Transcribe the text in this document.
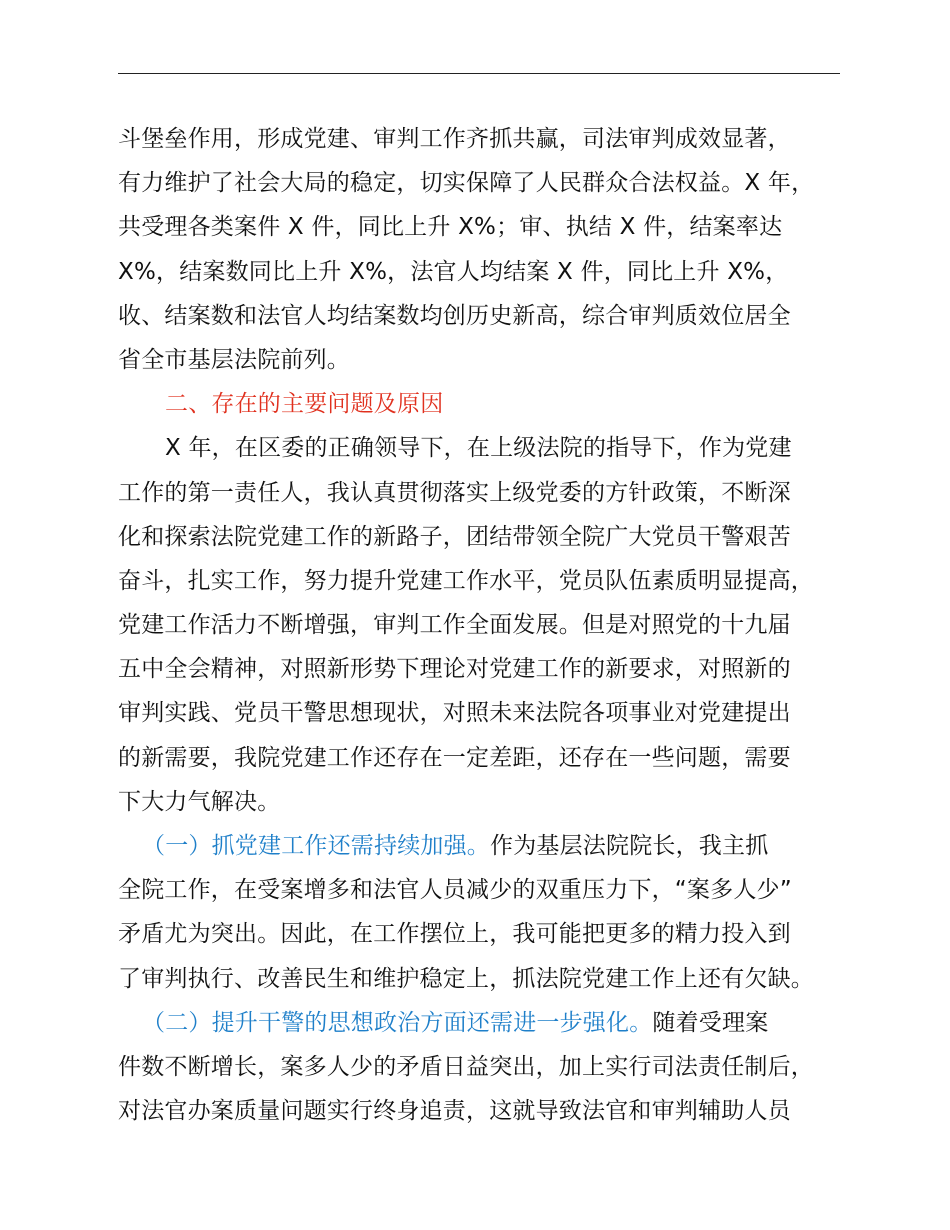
斗堡垒作用，形成党建、审判工作齐抓共赢，司法审判成效显著，
有力维护了社会大局的稳定，切实保障了人民群众合法权益。X 年，
共受理各类案件 X 件，同比上升 X%；审、执结 X 件，结案率达
X%，结案数同比上升 X%，法官人均结案 X 件，同比上升 X%，
收、结案数和法官人均结案数均创历史新高，综合审判质效位居全
省全市基层法院前列。
二、存在的主要问题及原因
X 年，在区委的正确领导下，在上级法院的指导下，作为党建
工作的第一责任人，我认真贯彻落实上级党委的方针政策，不断深
化和探索法院党建工作的新路子，团结带领全院广大党员干警艰苦
奋斗，扎实工作，努力提升党建工作水平，党员队伍素质明显提高，
党建工作活力不断增强，审判工作全面发展。但是对照党的十九届
五中全会精神，对照新形势下理论对党建工作的新要求，对照新的
审判实践、党员干警思想现状，对照未来法院各项事业对党建提出
的新需要，我院党建工作还存在一定差距，还存在一些问题，需要
下大力气解决。
（一）抓党建工作还需持续加强。作为基层法院院长，我主抓
全院工作，在受案增多和法官人员减少的双重压力下，“案多人少”
矛盾尤为突出。因此，在工作摆位上，我可能把更多的精力投入到
了审判执行、改善民生和维护稳定上，抓法院党建工作上还有欠缺。
（二）提升干警的思想政治方面还需进一步强化。随着受理案
件数不断增长，案多人少的矛盾日益突出，加上实行司法责任制后，
对法官办案质量问题实行终身追责，这就导致法官和审判辅助人员
